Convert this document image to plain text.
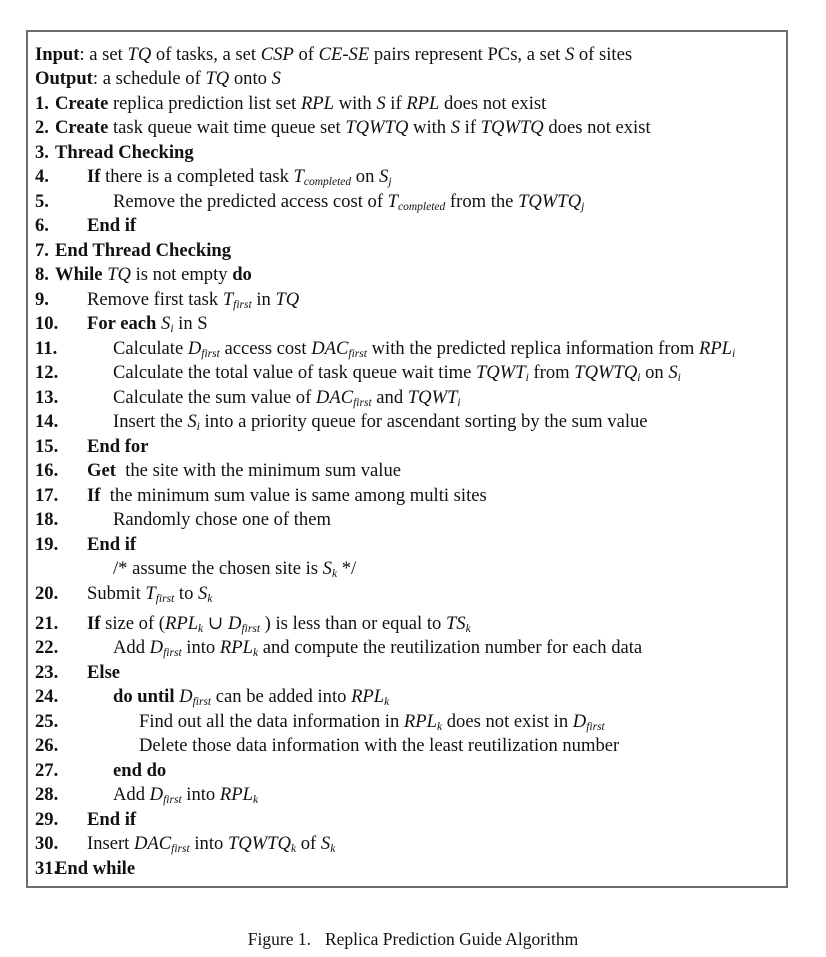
Input: a set TQ of tasks, a set CSP of CE-SE pairs represent PCs, a set S of sites
Output: a schedule of TQ onto S
1. Create replica prediction list set RPL with S if RPL does not exist
2. Create task queue wait time queue set TQWTQ with S if TQWTQ does not exist
3. Thread Checking
4. If there is a completed task $T_{completed}$ on $S_j$
5.	Remove the predicted access cost of $T_{completed}$ from the $TQWTQ_j$
6. End if
7. End Thread Checking
8. While TQ is not empty do
9. Remove first task $T_{first}$ in TQ
10. For each $S_i$ in S
11.	Calculate $D_{first}$ access cost $DAC_{first}$ with the predicted replica information from $RPL_i$
12.	Calculate the total value of task queue wait time $TQWT_i$ from $TQWTQ_i$ on $S_i$
13.	Calculate the sum value of $DAC_{first}$ and $TQWT_i$
14.	Insert the $S_i$ into a priority queue for ascendant sorting by the sum value
15. End for
16. Get  the site with the minimum sum value
17. If  the minimum sum value is same among multi sites
18.	Randomly chose one of them
19. End if
/* assume the chosen site is $S_k$ */
20. Submit $T_{first}$ to $S_k$
21. If size of ($RPL_k$ ∪ $D_{first}$ ) is less than or equal to $TS_k$
22.	Add $D_{first}$ into $RPL_k$ and compute the reutilization number for each data
23. Else
24.	do until $D_{first}$ can be added into $RPL_k$
25.	Find out all the data information in $RPL_k$ does not exist in $D_{first}$
26.	Delete those data information with the least reutilization number
27.	end do
28.	Add $D_{first}$ into $RPL_k$
29. End if
30. Insert $DAC_{first}$ into $TQWTQ_k$ of $S_k$
31.
End while
Figure 1. Replica Prediction Guide Algorithm
